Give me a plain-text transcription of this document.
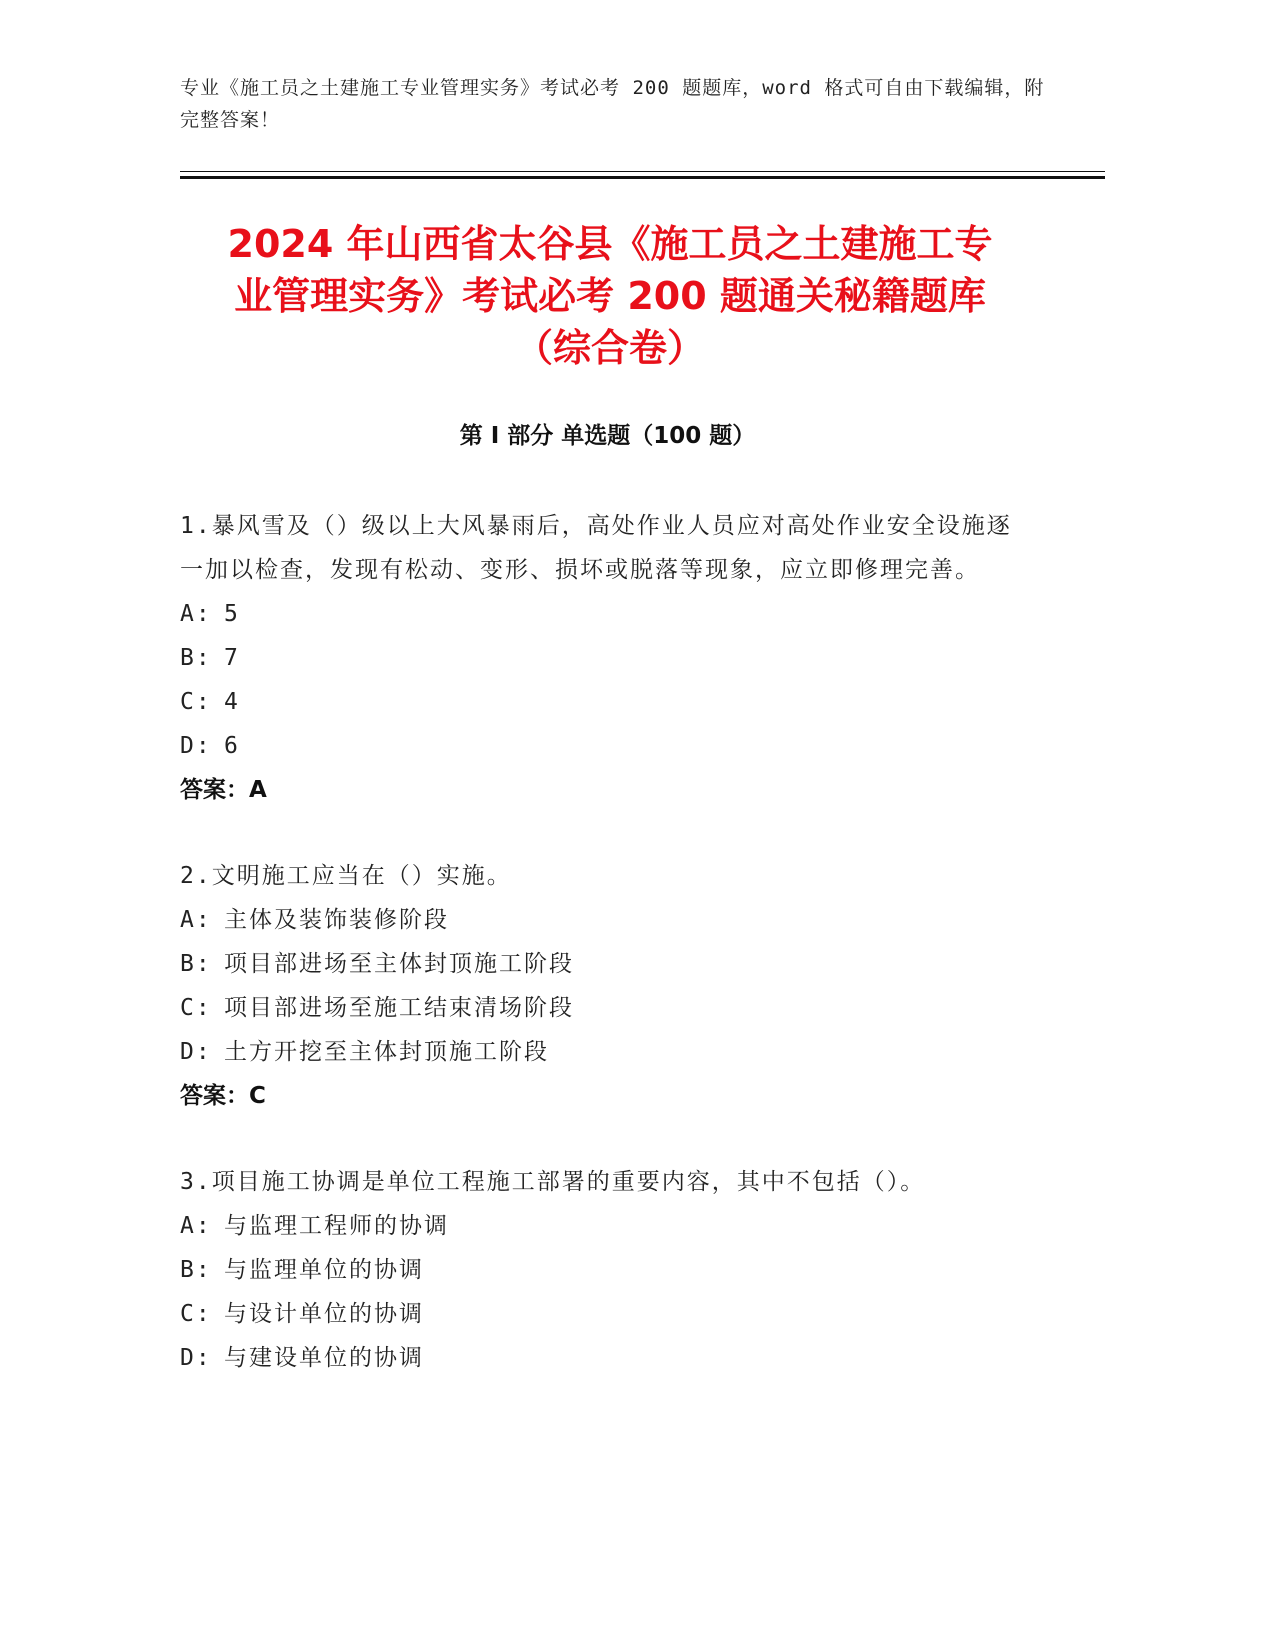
专业《施工员之土建施工专业管理实务》考试必考 200 题题库，word 格式可自由下载编辑，附完整答案！
2024 年山西省太谷县《施工员之土建施工专
业管理实务》考试必考 200 题通关秘籍题库
（综合卷）
第 I 部分 单选题（100 题）
1.暴风雪及（）级以上大风暴雨后，高处作业人员应对高处作业安全设施逐一加以检查，发现有松动、变形、损坏或脱落等现象，应立即修理完善。
A: 5
B: 7
C: 4
D: 6
答案：A
2.文明施工应当在（）实施。
A: 主体及装饰装修阶段
B: 项目部进场至主体封顶施工阶段
C: 项目部进场至施工结束清场阶段
D: 土方开挖至主体封顶施工阶段
答案：C
3.项目施工协调是单位工程施工部署的重要内容，其中不包括（）。
A: 与监理工程师的协调
B: 与监理单位的协调
C: 与设计单位的协调
D: 与建设单位的协调
